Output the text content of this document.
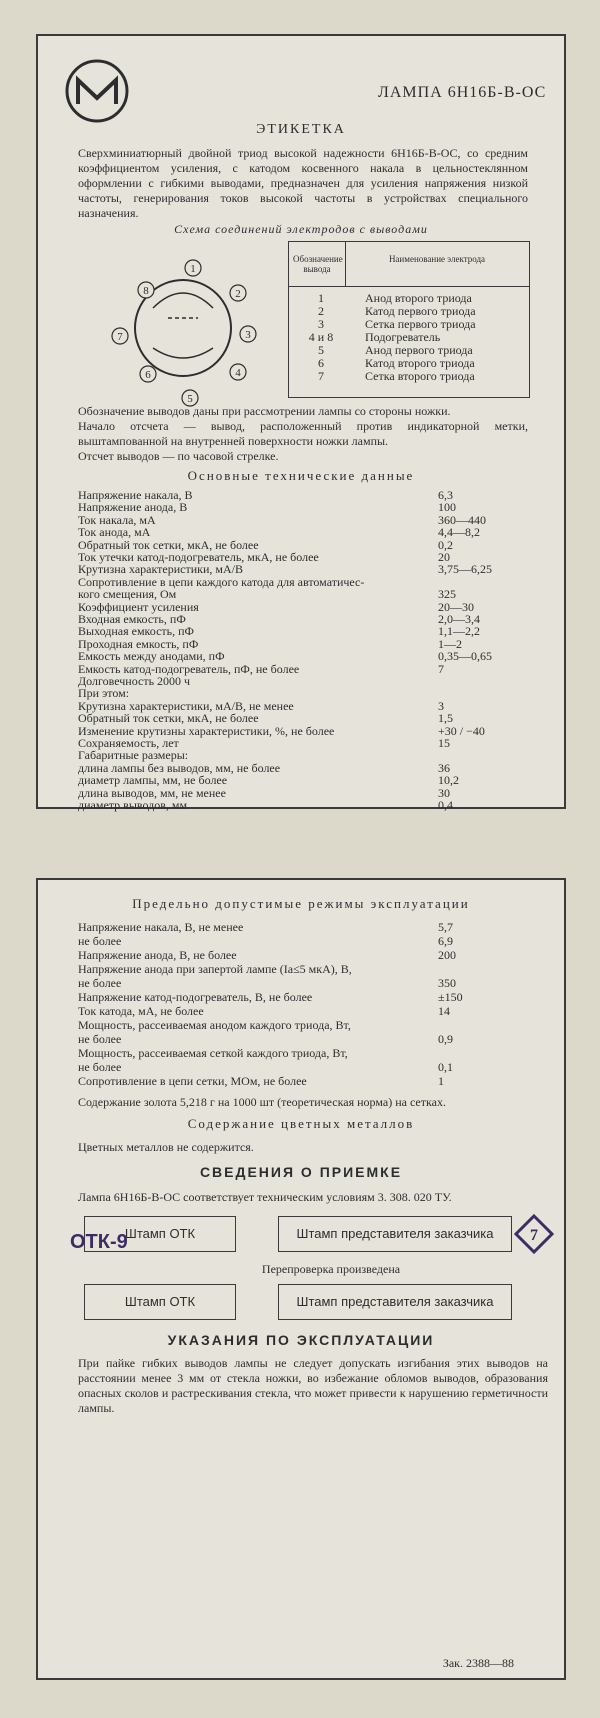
ЛАМПА 6Н16Б-В-ОС
ЭТИКЕТКА
Сверхминиатюрный двойной триод высокой надежности 6Н16Б-В-ОС, со средним коэффициентом усиления, с катодом косвенного накала в цельностеклянном оформлении с гибкими выводами, предназначен для усиления напряжения низкой частоты, генерирования токов высокой частоты в устройствах специального назначения.
Схема соединений электродов с выводами
1
2
3
4
5
6
7
8
Обозначение вывода
Наименование электрода
1	Анод второго триода
2	Катод первого триода
3	Сетка первого триода
4 и 8	Подогреватель
5	Анод первого триода
6	Катод второго триода
7	Сетка второго триода
Обозначение выводов даны при рассмотрении лампы со стороны ножки.
Начало отсчета — вывод, расположенный против индикаторной метки, выштампованной на внутренней поверхности ножки лампы.
Отсчет выводов — по часовой стрелке.
Основные технические данные
Напряжение накала, В	6,3
Напряжение анода, В	100
Ток накала, мА	360—440
Ток анода, мА	4,4—8,2
Обратный ток сетки, мкА, не более	0,2
Ток утечки катод-подогреватель, мкА, не более	20
Крутизна характеристики, мА/В	3,75—6,25
Сопротивление в цепи каждого катода для автоматичес-
кого смещения, Ом	325
Коэффициент усиления	20—30
Входная емкость, пФ	2,0—3,4
Выходная емкость, пФ	1,1—2,2
Проходная емкость, пФ	1—2
Емкость между анодами, пФ	0,35—0,65
Емкость катод-подогреватель, пФ, не более	7
Долговечность 2000 ч
При этом:
Крутизна характеристики, мА/В, не менее	3
Обратный ток сетки, мкА, не более	1,5
Изменение крутизны характеристики, %, не более	+30 / −40
Сохраняемость, лет	15
Габаритные размеры:
длина лампы без выводов, мм, не более	36
диаметр лампы, мм, не более	10,2
длина выводов, мм, не менее	30
диаметр выводов, мм	0,4
Предельно допустимые режимы эксплуатации
Напряжение накала, В, не менее	5,7
не более	6,9
Напряжение анода, В, не более	200
Напряжение анода при запертой лампе (Iа≤5 мкА), В,
не более	350
Напряжение катод-подогреватель, В, не более	±150
Ток катода, мА, не более	14
Мощность, рассеиваемая анодом каждого триода, Вт,
не более	0,9
Мощность, рассеиваемая сеткой каждого триода, Вт,
не более	0,1
Сопротивление в цепи сетки, МОм, не более	1
Содержание золота 5,218 г на 1000 шт (теоретическая норма) на сетках.
Содержание цветных металлов
Цветных металлов не содержится.
СВЕДЕНИЯ О ПРИЕМКЕ
Лампа 6Н16Б-В-ОС соответствует техническим условиям 3. 308. 020 ТУ.
Штамп ОТК	Штамп представителя заказчика	7
Перепроверка произведена
Штамп ОТК	Штамп представителя заказчика
УКАЗАНИЯ ПО ЭКСПЛУАТАЦИИ
При пайке гибких выводов лампы не следует допускать изгибания этих выводов на расстоянии менее 3 мм от стекла ножки, во избежание обломов выводов, образования опасных сколов и растрескивания стекла, что может привести к нарушению герметичности лампы.
Зак. 2388—88
ОТК-9
